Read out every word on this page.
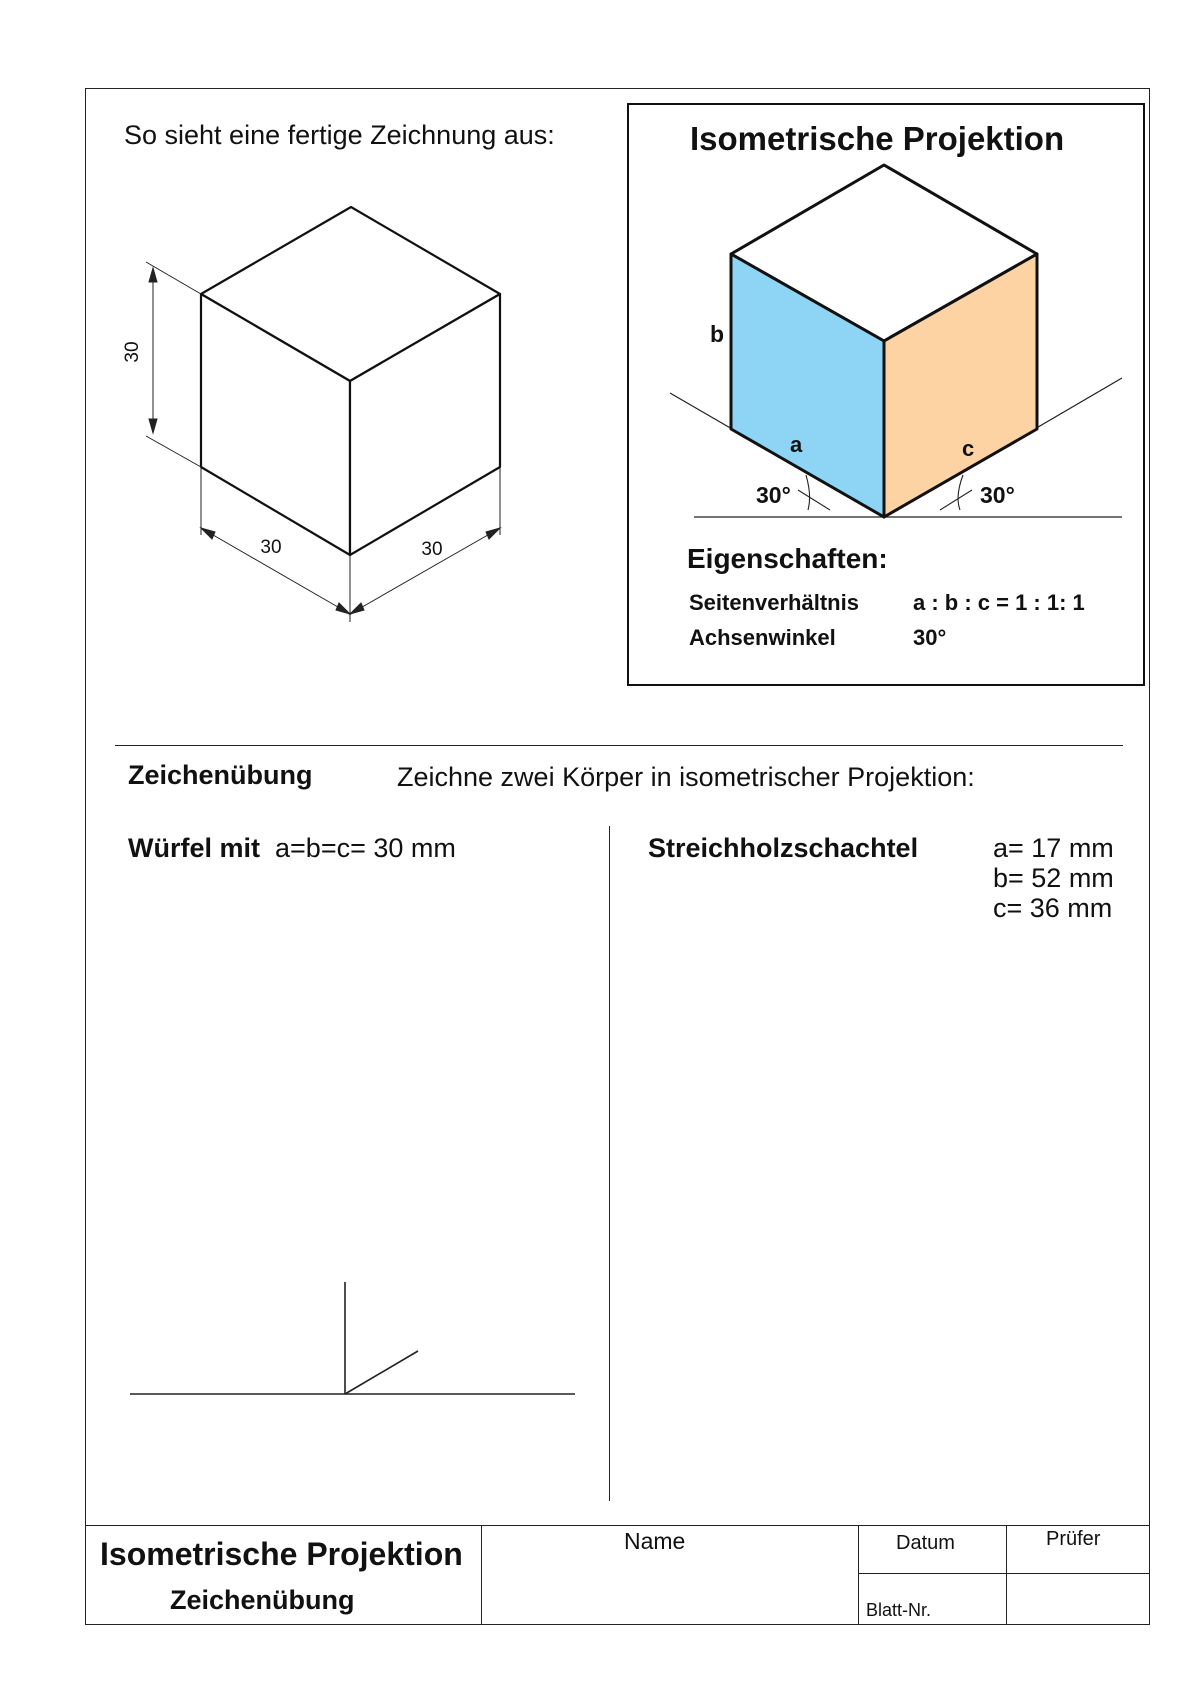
30
30	30
So sieht eine fertige Zeichnung aus:	Isometrische Projektion
b
a	c
30°	30°
Eigenschaften:
Seitenverhältnis a : b : c = 1 : 1: 1
Achsenwinkel	30°
Zeichenübung	Zeichne zwei Körper in isometrischer Projektion:
Würfel mit a=b=c= 30 mm	Streichholzschachtel	a= 17 mm
b= 52 mm
c= 36 mm
Isometrische Projektion
Zeichenübung
Name	Datum	Prüfer
Blatt-Nr.
